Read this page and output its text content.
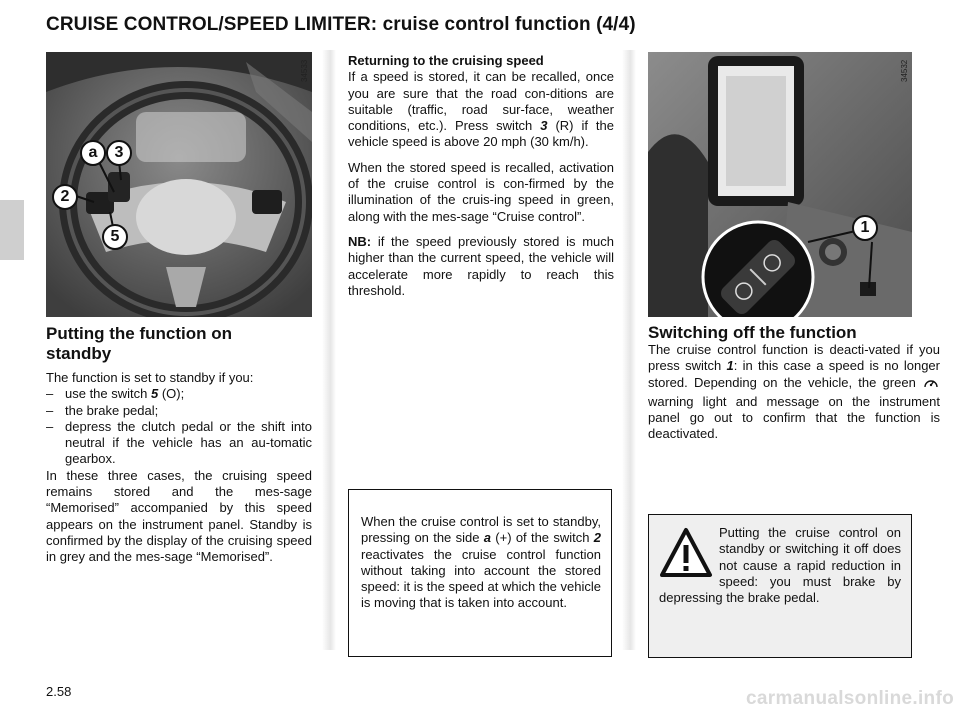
CRUISE CONTROL/SPEED LIMITER: cruise control function (4/4)
a	3
2
5
34533
Putting the function on standby
The function is set to standby if you:
– use the switch 5 (O);
– the brake pedal;
– depress the clutch pedal or the shift into neutral if the vehicle has an au-tomatic gearbox.
In these three cases, the cruising speed remains stored and the mes-sage “Memorised” accompanied by this speed appears on the instrument panel. Standby is confirmed by the display of the cruising speed in grey and the mes-sage “Memorised”.
Returning to the cruising speed

If a speed is stored, it can be recalled, once you are sure that the road con-ditions are suitable (traffic, road sur-face, weather conditions, etc.). Press switch 3 (R) if the vehicle speed is above 20 mph (30 km/h).

When the stored speed is recalled, activation of the cruise control is con-firmed by the illumination of the cruis-ing speed in green, along with the mes-sage “Cruise control”.

NB: if the speed previously stored is much higher than the current speed, the vehicle will accelerate more rapidly to reach this threshold.

When the cruise control is set to standby, pressing on the side a (+) of the switch 2 reactivates the cruise control function without taking into account the stored speed: it is the speed at which the vehicle is moving that is taken into account.
1
34532
Switching off the function
The cruise control function is deacti-vated if you press switch 1: in this case a speed is no longer stored. Depending on the vehicle, the green  warning light and message on the instrument panel go out to confirm that the function is deactivated.
Putting the cruise control on standby or switching it off does not cause a rapid reduction in speed: you must brake by depressing the brake pedal.
2.58	carmanualsonline.info
